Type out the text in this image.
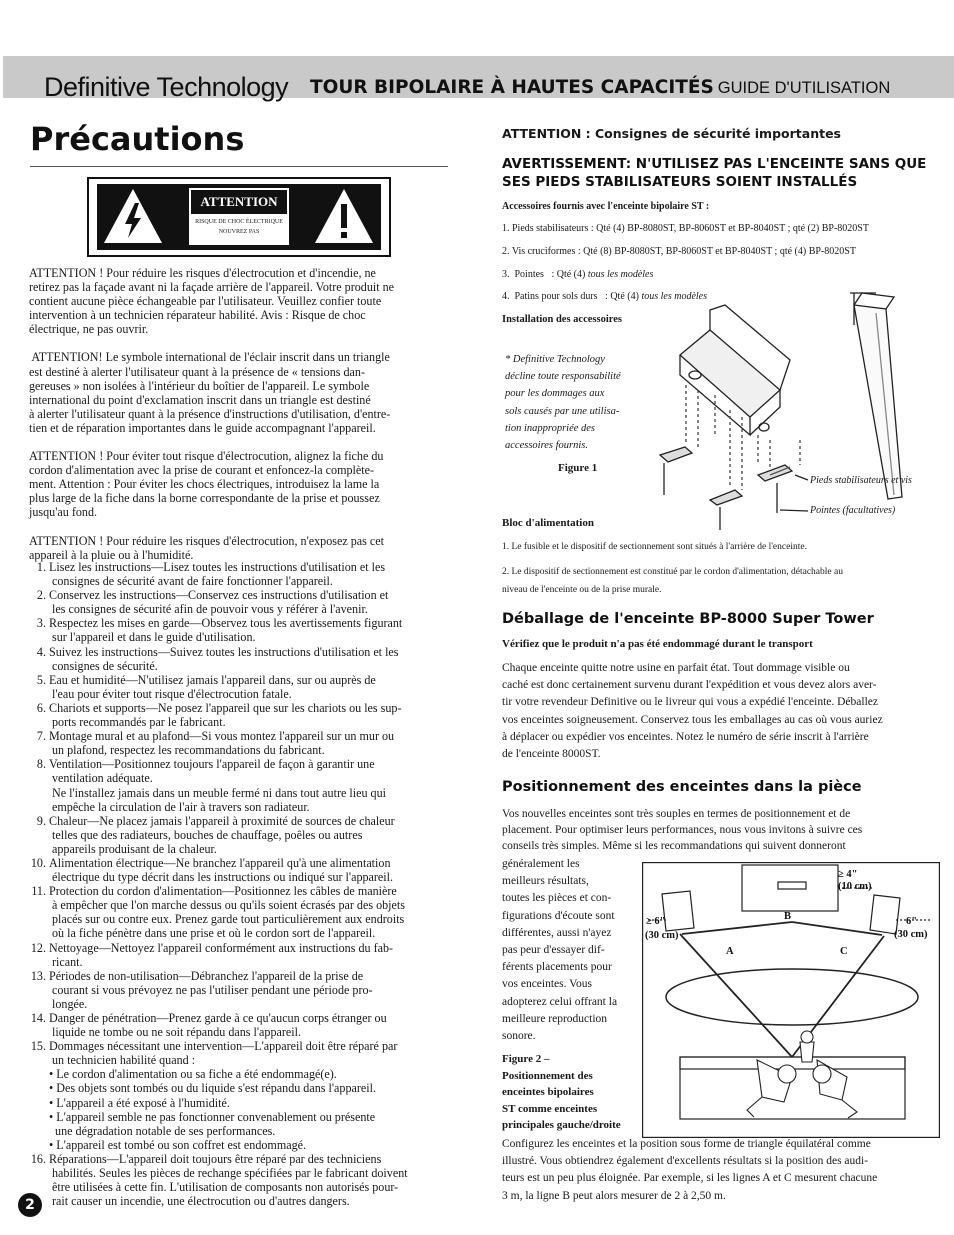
Definitive Technology TOUR BIPOLAIRE À HAUTES CAPACITÉS GUIDE D'UTILISATION
Précautions
ATTENTION
RISQUE DE CHOC ÉLECTRIQUE
NOUVREZ PAS

ATTENTION ! Pour réduire les risques d'électrocution et d'incendie, ne
retirez pas la façade avant ni la façade arrière de l'appareil. Votre produit ne
contient aucune pièce échangeable par l'utilisateur. Veuillez confier toute
intervention à un technicien réparateur habilité. Avis : Risque de choc
électrique, ne pas ouvrir.

ATTENTION! Le symbole international de l'éclair inscrit dans un triangle
est destiné à alerter l'utilisateur quant à la présence de « tensions dan-
gereuses » non isolées à l'intérieur du boîtier de l'appareil. Le symbole
international du point d'exclamation inscrit dans un triangle est destiné
à alerter l'utilisateur quant à la présence d'instructions d'utilisation, d'entre-
tien et de réparation importantes dans le guide accompagnant l'appareil.

ATTENTION ! Pour éviter tout risque d'électrocution, alignez la fiche du
cordon d'alimentation avec la prise de courant et enfoncez-la complète-
ment. Attention : Pour éviter les chocs électriques, introduisez la lame la
plus large de la fiche dans la borne correspondante de la prise et poussez
jusqu'au fond.

ATTENTION ! Pour réduire les risques d'électrocution, n'exposez pas cet
appareil à la pluie ou à l'humidité.

1. Lisez les instructions—Lisez toutes les instructions d'utilisation et les
consignes de sécurité avant de faire fonctionner l'appareil.
2. Conservez les instructions—Conservez ces instructions d'utilisation et
les consignes de sécurité afin de pouvoir vous y référer à l'avenir.
3. Respectez les mises en garde—Observez tous les avertissements figurant
sur l'appareil et dans le guide d'utilisation.
4. Suivez les instructions—Suivez toutes les instructions d'utilisation et les
consignes de sécurité.
5. Eau et humidité—N'utilisez jamais l'appareil dans, sur ou auprès de
l'eau pour éviter tout risque d'électrocution fatale.
6. Chariots et supports—Ne posez l'appareil que sur les chariots ou les sup-
ports recommandés par le fabricant.
7. Montage mural et au plafond—Si vous montez l'appareil sur un mur ou
un plafond, respectez les recommandations du fabricant.
8. Ventilation—Positionnez toujours l'appareil de façon à garantir une
ventilation adéquate.
Ne l'installez jamais dans un meuble fermé ni dans tout autre lieu qui
empêche la circulation de l'air à travers son radiateur.
9. Chaleur—Ne placez jamais l'appareil à proximité de sources de chaleur
telles que des radiateurs, bouches de chauffage, poêles ou autres
appareils produisant de la chaleur.
10. Alimentation électrique—Ne branchez l'appareil qu'à une alimentation
électrique du type décrit dans les instructions ou indiqué sur l'appareil.
11. Protection du cordon d'alimentation—Positionnez les câbles de manière
à empêcher que l'on marche dessus ou qu'ils soient écrasés par des objets
placés sur ou contre eux. Prenez garde tout particulièrement aux endroits
où la fiche pénètre dans une prise et où le cordon sort de l'appareil.
12. Nettoyage—Nettoyez l'appareil conformément aux instructions du fab-
ricant.
13. Périodes de non-utilisation—Débranchez l'appareil de la prise de
courant si vous prévoyez ne pas l'utiliser pendant une période pro-
longée.
14. Danger de pénétration—Prenez garde à ce qu'aucun corps étranger ou
liquide ne tombe ou ne soit répandu dans l'appareil.
15. Dommages nécessitant une intervention—L'appareil doit être réparé par
un technicien habilité quand :
• Le cordon d'alimentation ou sa fiche a été endommagé(e).
• Des objets sont tombés ou du liquide s'est répandu dans l'appareil.
• L'appareil a été exposé à l'humidité.
• L'appareil semble ne pas fonctionner convenablement ou présente
une dégradation notable de ses performances.
• L'appareil est tombé ou son coffret est endommagé.
16. Réparations—L'appareil doit toujours être réparé par des techniciens
habilités. Seules les pièces de rechange spécifiées par le fabricant doivent
être utilisées à cette fin. L'utilisation de composants non autorisés pour-
rait causer un incendie, une électrocution ou d'autres dangers.
2
ATTENTION : Consignes de sécurité importantes
AVERTISSEMENT: N'UTILISEZ PAS L'ENCEINTE SANS QUE
SES PIEDS STABILISATEURS SOIENT INSTALLÉS
Accessoires fournis avec l'enceinte bipolaire ST :
1. Pieds stabilisateurs : Qté (4) BP-8080ST, BP-8060ST et BP-8040ST ; qté (2) BP-8020ST
2. Vis cruciformes : Qté (8) BP-8080ST, BP-8060ST et BP-8040ST ; qté (4) BP-8020ST
3.  Pointes   : Qté (4) tous les modèles
4.  Patins pour sols durs   : Qté (4) tous les modèles
Installation des accessoires
* Definitive Technology
décline toute responsabilité
pour les dommages aux
sols causés par une utilisa-
tion inappropriée des
accessoires fournis.
Figure 1
Pieds stabilisateurs et vis
Pointes (facultatives)
Bloc d'alimentation
1. Le fusible et le dispositif de sectionnement sont situés à l'arrière de l'enceinte.
2. Le dispositif de sectionnement est constitué par le cordon d'alimentation, détachable au
niveau de l'enceinte ou de la prise murale.
Déballage de l'enceinte BP-8000 Super Tower
Vérifiez que le produit n'a pas été endommagé durant le transport
Chaque enceinte quitte notre usine en parfait état. Tout dommage visible ou
caché est donc certainement survenu durant l'expédition et vous devez alors aver-
tir votre revendeur Definitive ou le livreur qui vous a expédié l'enceinte. Déballez
vos enceintes soigneusement. Conservez tous les emballages au cas où vous auriez
à déplacer ou expédier vos enceintes. Notez le numéro de série inscrit à l'arrière
de l'enceinte 8000ST.
Positionnement des enceintes dans la pièce
Vos nouvelles enceintes sont très souples en termes de positionnement et de
placement. Pour optimiser leurs performances, nous vous invitons à suivre ces
conseils très simples. Même si les recommandations qui suivent donneront
généralement les
meilleurs résultats,
toutes les pièces et con-
figurations d'écoute sont
différentes, aussi n'ayez
pas peur d'essayer dif-
férents placements pour
vos enceintes. Vous
adopterez celui offrant la
meilleure reproduction
sonore.
Figure 2 –
Positionnement des
enceintes bipolaires
ST comme enceintes
principales gauche/droite
A
B
C
≥ 4"
(10 cm)
≥ 6"
(30 cm)
6"
(30 cm)
Configurez les enceintes et la position sous forme de triangle équilatéral comme
illustré. Vous obtiendrez également d'excellents résultats si la position des audi-
teurs est un peu plus éloignée. Par exemple, si les lignes A et C mesurent chacune
3 m, la ligne B peut alors mesurer de 2 à 2,50 m.
